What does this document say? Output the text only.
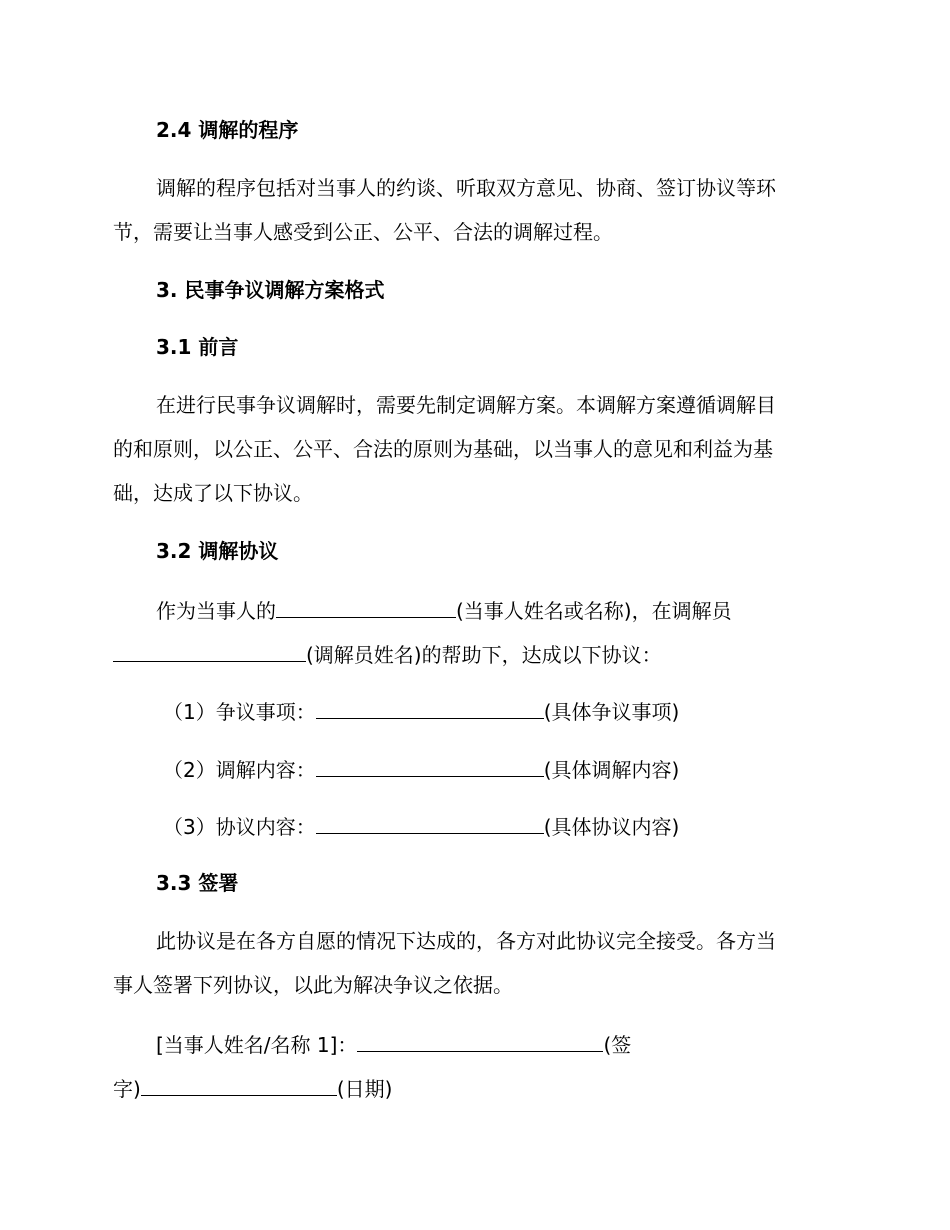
2.4 调解的程序
调解的程序包括对当事人的约谈、听取双方意见、协商、签订协议等环
节，需要让当事人感受到公正、公平、合法的调解过程。
3. 民事争议调解方案格式
3.1 前言
在进行民事争议调解时，需要先制定调解方案。本调解方案遵循调解目
的和原则，以公正、公平、合法的原则为基础，以当事人的意见和利益为基
础，达成了以下协议。
3.2 调解协议
作为当事人的	(当事人姓名或名称)，在调解员
(调解员姓名)的帮助下，达成以下协议：
（1）争议事项：	(具体争议事项)
（2）调解内容：	(具体调解内容)
（3）协议内容：	(具体协议内容)
3.3 签署
此协议是在各方自愿的情况下达成的，各方对此协议完全接受。各方当
事人签署下列协议，以此为解决争议之依据。
[当事人姓名/名称 1]：	(签
字)	(日期)
